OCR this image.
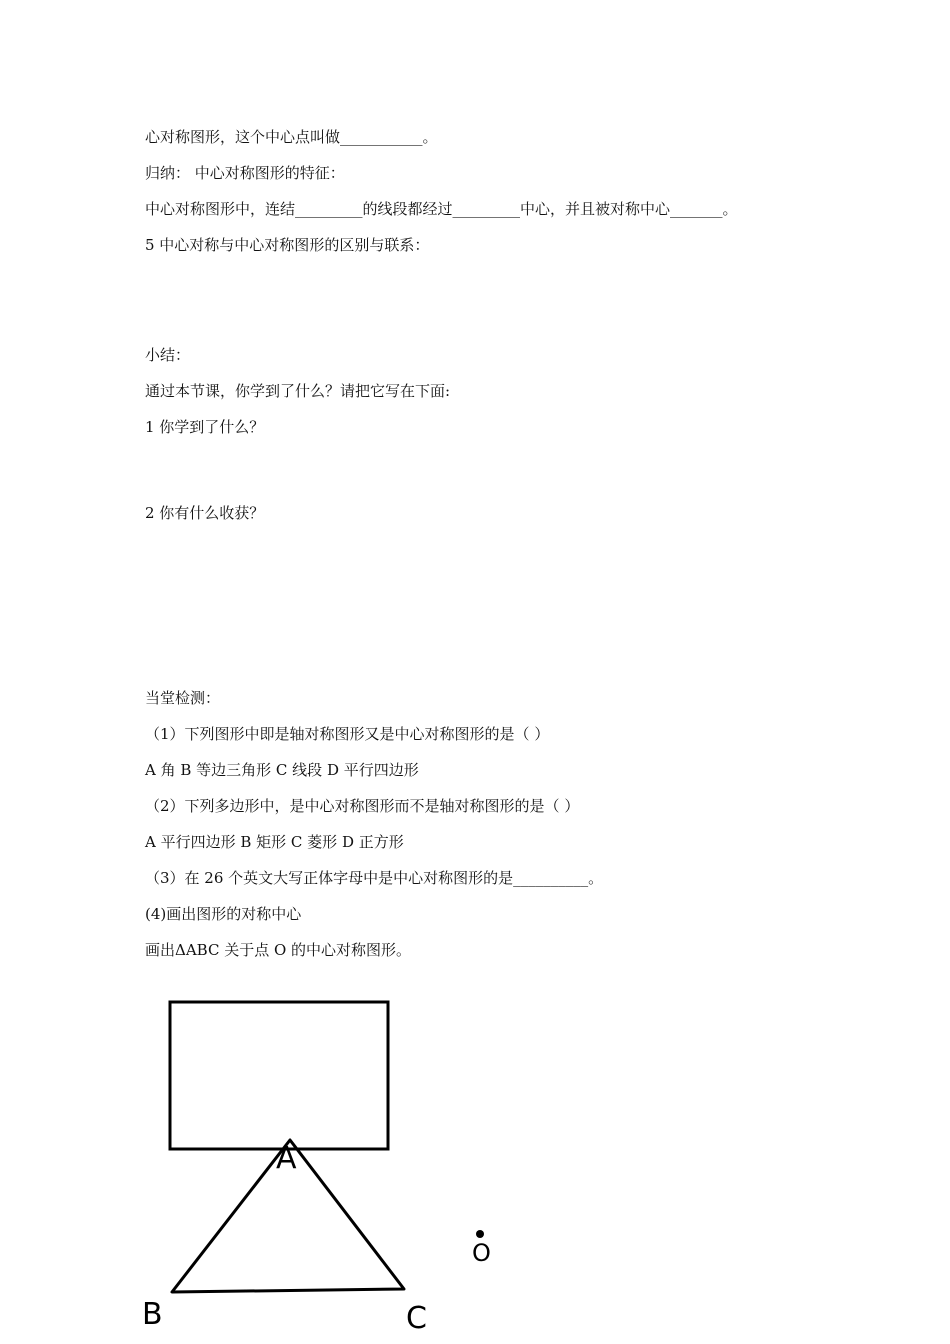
心对称图形，这个中心点叫做___________。
归纳： 中心对称图形的特征：
中心对称图形中，连结_________的线段都经过_________中心，并且被对称中心_______。
5 中心对称与中心对称图形的区别与联系：
小结：
通过本节课，你学到了什么？请把它写在下面:
1 你学到了什么？
2 你有什么收获？
当堂检测：
（1）下列图形中即是轴对称图形又是中心对称图形的是（ ）
A 角 B 等边三角形 C 线段 D 平行四边形
（2）下列多边形中，是中心对称图形而不是轴对称图形的是（ ）
A 平行四边形 B 矩形 C 菱形 D 正方形
（3）在 26 个英文大写正体字母中是中心对称图形的是__________。
(4)画出图形的对称中心
画出ΔABC 关于点 O 的中心对称图形。
A
B	C
O
